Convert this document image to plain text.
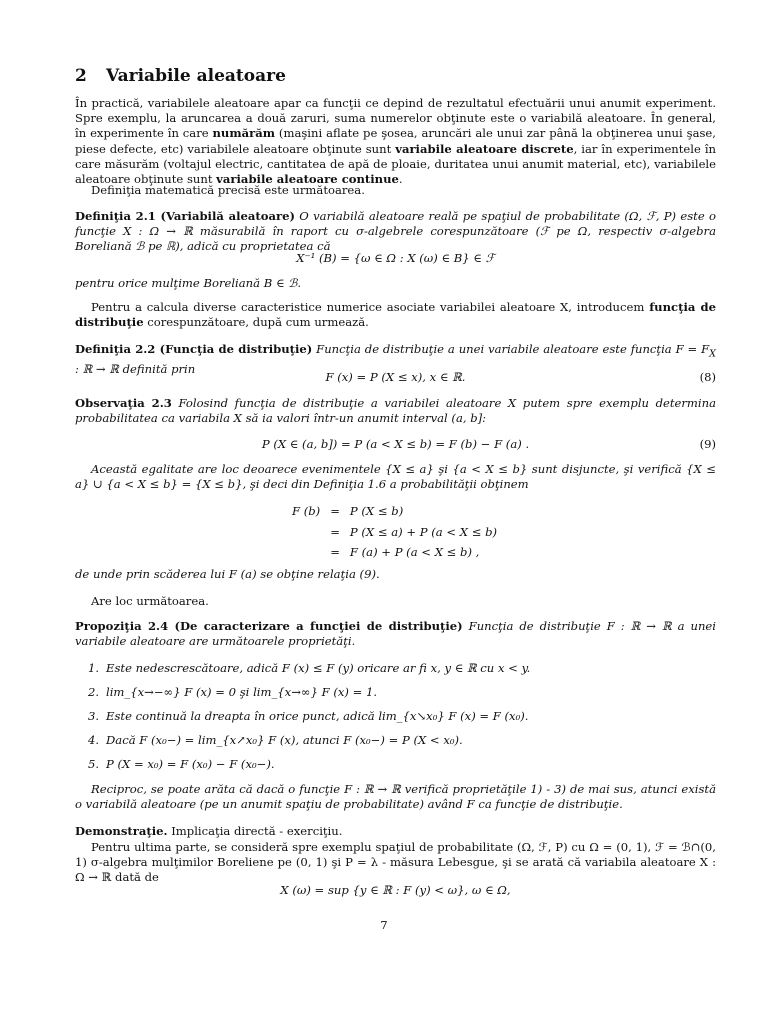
2 Variabile aleatoare

În practică, variabilele aleatoare apar ca funcţii ce depind de rezultatul efectuării unui anumit experiment. Spre exemplu, la aruncarea a două zaruri, suma numerelor obţinute este o variabilă aleatoare. În general, în experimente în care numărăm (maşini aflate pe şosea, aruncări ale unui zar până la obţinerea unui şase, piese defecte, etc) variabilele aleatoare obţinute sunt variabile aleatoare discrete, iar în experimentele în care măsurăm (voltajul electric, cantitatea de apă de ploaie, duritatea unui anumit material, etc), variabilele aleatoare obţinute sunt variabile aleatoare continue.

Definiţia matematică precisă este următoarea.

Definiţia 2.1 (Variabilă aleatoare) O variabilă aleatoare reală pe spaţiul de probabilitate (Ω, ℱ, P) este o funcţie X : Ω → ℝ măsurabilă în raport cu σ-algebrele corespunzătoare (ℱ pe Ω, respectiv σ-algebra Boreliană ℬ pe ℝ), adică cu proprietatea că

X⁻¹ (B) = {ω ∈ Ω : X (ω) ∈ B} ∈ ℱ

pentru orice mulţime Boreliană B ∈ ℬ.

Pentru a calcula diverse caracteristice numerice asociate variabilei aleatoare X, introducem funcţia de distribuţie corespunzătoare, după cum urmează.

Definiţia 2.2 (Funcţia de distribuţie) Funcţia de distribuţie a unei variabile aleatoare este funcţia $F = F_X$ : ℝ → ℝ definită prin

F (x) = P (X ≤ x), x ∈ ℝ.	(8)

Observaţia 2.3 Folosind funcţia de distribuţie a variabilei aleatoare X putem spre exemplu determina probabilitatea ca variabila X să ia valori într-un anumit interval (a, b]:

P (X ∈ (a, b]) = P (a < X ≤ b) = F (b) − F (a) .	(9)

Această egalitate are loc deoarece evenimentele {X ≤ a} şi {a < X ≤ b} sunt disjuncte, şi verifică {X ≤ a} ∪ {a < X ≤ b} = {X ≤ b}, şi deci din Definiţia 1.6 a probabilităţii obţinem

F (b)	=	P (X ≤ b)
	=	P (X ≤ a) + P (a < X ≤ b)
	=	F (a) + P (a < X ≤ b) ,

de unde prin scăderea lui F (a) se obţine relaţia (9).

Are loc următoarea.

Propoziţia 2.4 (De caracterizare a funcţiei de distribuţie) Funcţia de distribuţie F : ℝ → ℝ a unei variabile aleatoare are următoarele proprietăţi.

1. Este nedescrescătoare, adică F (x) ≤ F (y) oricare ar fi x, y ∈ ℝ cu x < y.
2. lim_{x→−∞} F (x) = 0 şi lim_{x→∞} F (x) = 1.
3. Este continuă la dreapta în orice punct, adică lim_{x↘x₀} F (x) = F (x₀).
4. Dacă F (x₀−) = lim_{x↗x₀} F (x), atunci F (x₀−) = P (X < x₀).
5. P (X = x₀) = F (x₀) − F (x₀−).

Reciproc, se poate arăta că dacă o funcţie F : ℝ → ℝ verifică proprietăţile 1) - 3) de mai sus, atunci există o variabilă aleatoare (pe un anumit spaţiu de probabilitate) având F ca funcţie de distribuţie.

Demonstraţie. Implicaţia directă - exerciţiu.

Pentru ultima parte, se consideră spre exemplu spaţiul de probabilitate (Ω, ℱ, P) cu Ω = (0, 1), ℱ = ℬ∩(0, 1) σ-algebra mulţimilor Boreliene pe (0, 1) şi P = λ - măsura Lebesgue, şi se arată că variabila aleatoare X : Ω → ℝ dată de

X (ω) = sup {y ∈ ℝ : F (y) < ω}, ω ∈ Ω,
7
